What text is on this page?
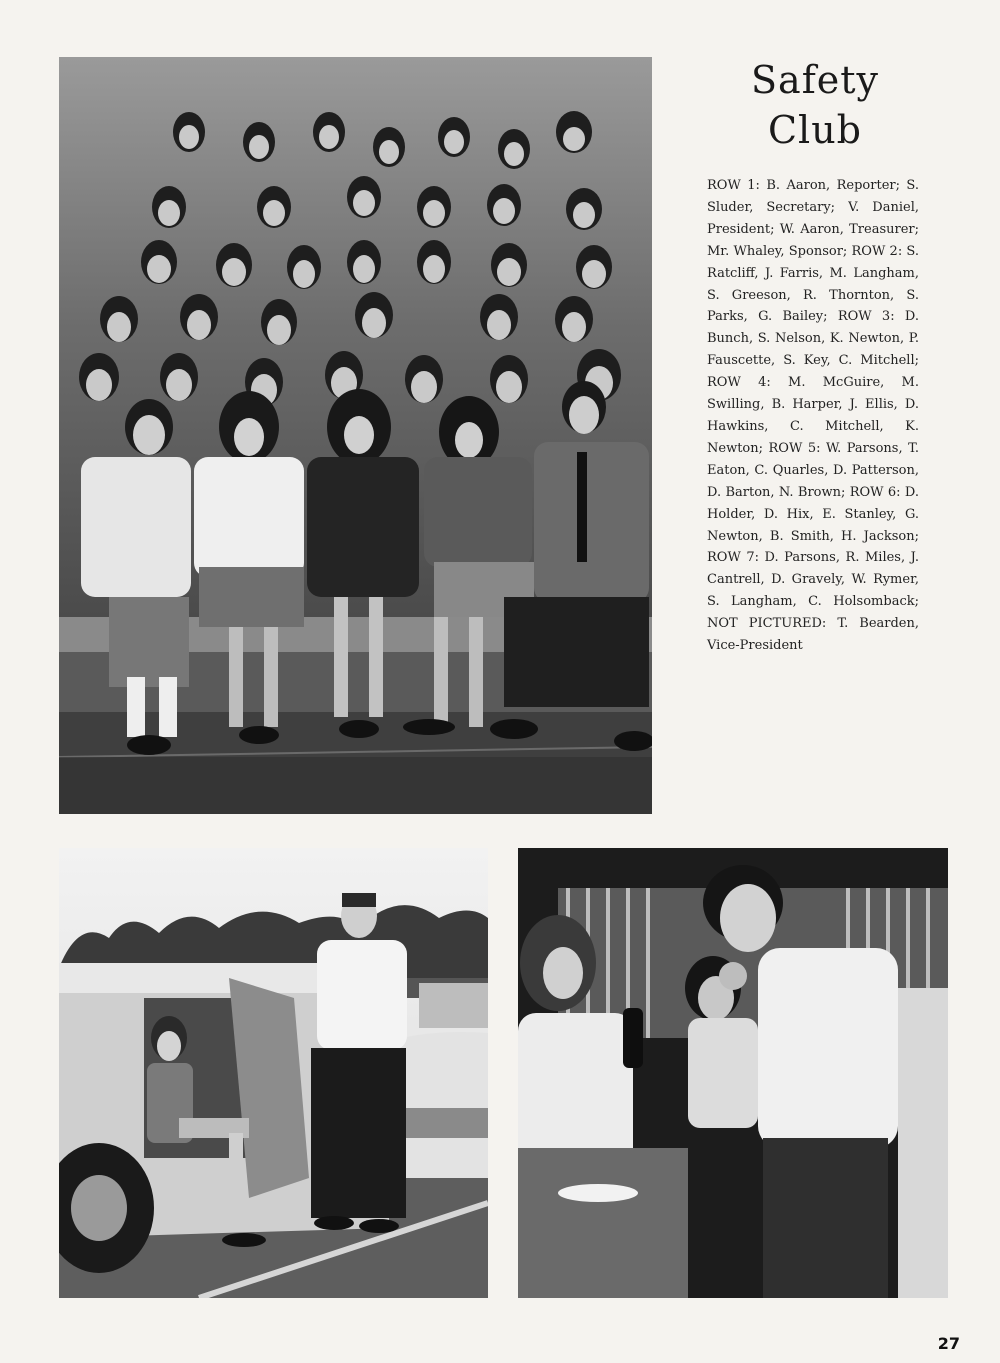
Safety
Club
ROW 1: B. Aaron, Reporter; S. Sluder, Secretary; V. Daniel, President; W. Aaron, Treasurer; Mr. Whaley, Sponsor; ROW 2: S. Ratcliff, J. Farris, M. Langham, S. Greeson, R. Thornton, S. Parks, G. Bailey; ROW 3: D. Bunch, S. Nelson, K. Newton, P. Fauscette, S. Key, C. Mitchell; ROW 4: M. McGuire, M. Swilling, B. Harper, J. Ellis, D. Hawkins, C. Mitchell, K. Newton; ROW 5: W. Parsons, T. Eaton, C. Quarles, D. Patterson, D. Barton, N. Brown; ROW 6: D. Holder, D. Hix, E. Stanley, G. Newton, B. Smith, H. Jackson; ROW 7: D. Parsons, R. Miles, J. Cantrell, D. Gravely, W. Rymer, S. Langham, C. Holsomback; NOT PICTURED: T. Bearden, Vice-President
27
